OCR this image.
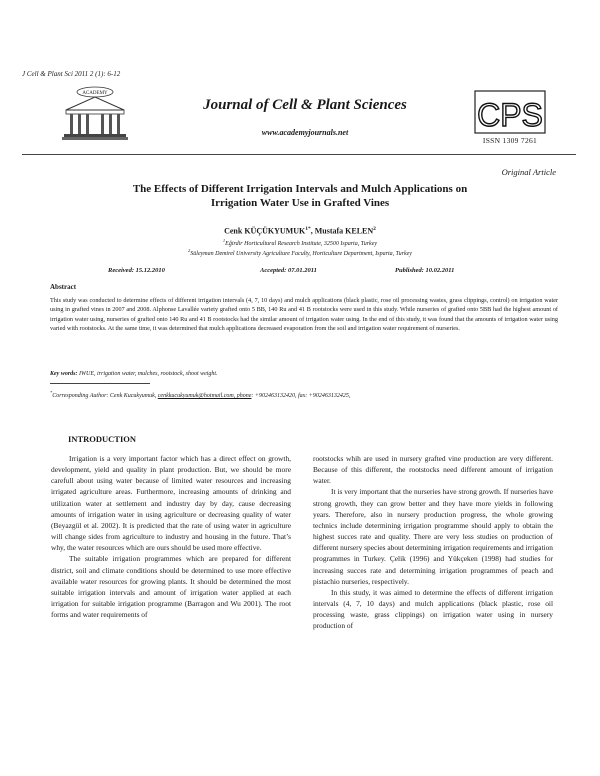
J Cell & Plant Sci 2011 2 (1): 6-12
ACADEMY
Journal of Cell & Plant Sciences
www.academyjournals.net	CPS
ISSN 1309 7261
Original Article
The Effects of Different Irrigation Intervals and Mulch Applications on
Irrigation Water Use in Grafted Vines
Cenk $KÜÇÜKYUMUK^{1*}$, Mustafa KELEN$^2$
$^1$Eğirdir Horticultural Research Institute, 32500 Isparta, Turkey
$^2$Süleyman Demirel University Agriculture Faculty, Horticulture Department, Isparta, Turkey
Received: 15.12.2010	Accepted: 07.01.2011	Published: 10.02.2011
Abstract
This study was conducted to determine effects of different irrigation intervals (4, 7, 10 days) and mulch applications (black plastic, rose oil processing wastes, grass clippings, control) on irrigation water using in grafted vines in 2007 and 2008. Alphonse Lavallée variety grafted onto 5 BB, 140 Ru and 41 B rootstocks were used in this study. While nurseries of grafted onto 5BB had the highest amount of irrigation water using, nurseries of grafted onto 140 Ru and 41 B rootstocks had the similar amount of irrigation water using. In the end of this study, it was found that the amounts of irrigation water using varied with rootstocks. At the same time, it was determined that mulch applications decreased evaporation from the soil and irrigation water requirement of nurseries.
Key words: IWUE, irrigation water, mulches, rootstock, shoot weight.
*Corresponding Author: Cenk Kucukyumuk, cenkkucukyumuk@hotmail.com, phone: +902463132420, fax: +902463132425,
INTRODUCTION

Irrigation is a very important factor which has a direct effect on growth, development, yield and quality in plant production. But, we should be more carefull about using water because of limited water resources and increasing irrigated agriculture areas. Furthermore, increasing amounts of drinking and utilization water at settlement and industry day by day, cause decreasing amounts of irrigation water in using agriculture or decreasing quality of water (Beyazgül et al. 2002). It is predicted that the rate of using water in agriculture will change sides from agriculture to industry and housing in the future. That’s why, the water resources which are ours should be used more effective.

The suitable irrigation programmes which are prepared for different district, soil and climate conditions should be determined to use more effective available water resources for growing plants. It should be determined the most suitable irrigation intervals and amount of irrigation water applied at each irrigation for suitable irrigation programme (Barragon and Wu 2001). The root forms and water requirements of

rootstocks whih are used in nursery grafted vine production are very different. Because of this different, the rootstocks need different amount of irrigation water.

It is very important that the nurseries have strong growth. If nurseries have strong growth, they can grow better and they have more yields in following years. Therefore, also in nursery production progress, the whole growing technics include determining irrigation programme should apply to obtain the highest succes rate and quality. There are very less studies on production of different nursery species about determining irrigation requirements and irrigation programmes in Turkey. Çelik (1996) and Yükçeken (1998) had studies for increasing succes rate and determining irrigation programmes of peach and pistachio nurseries, respectively.

In this study, it was aimed to determine the effects of different irrigation intervals (4, 7, 10 days) and mulch applications (black plastic, rose oil processing waste, grass clippings) on irrigation water using in nursery production of
